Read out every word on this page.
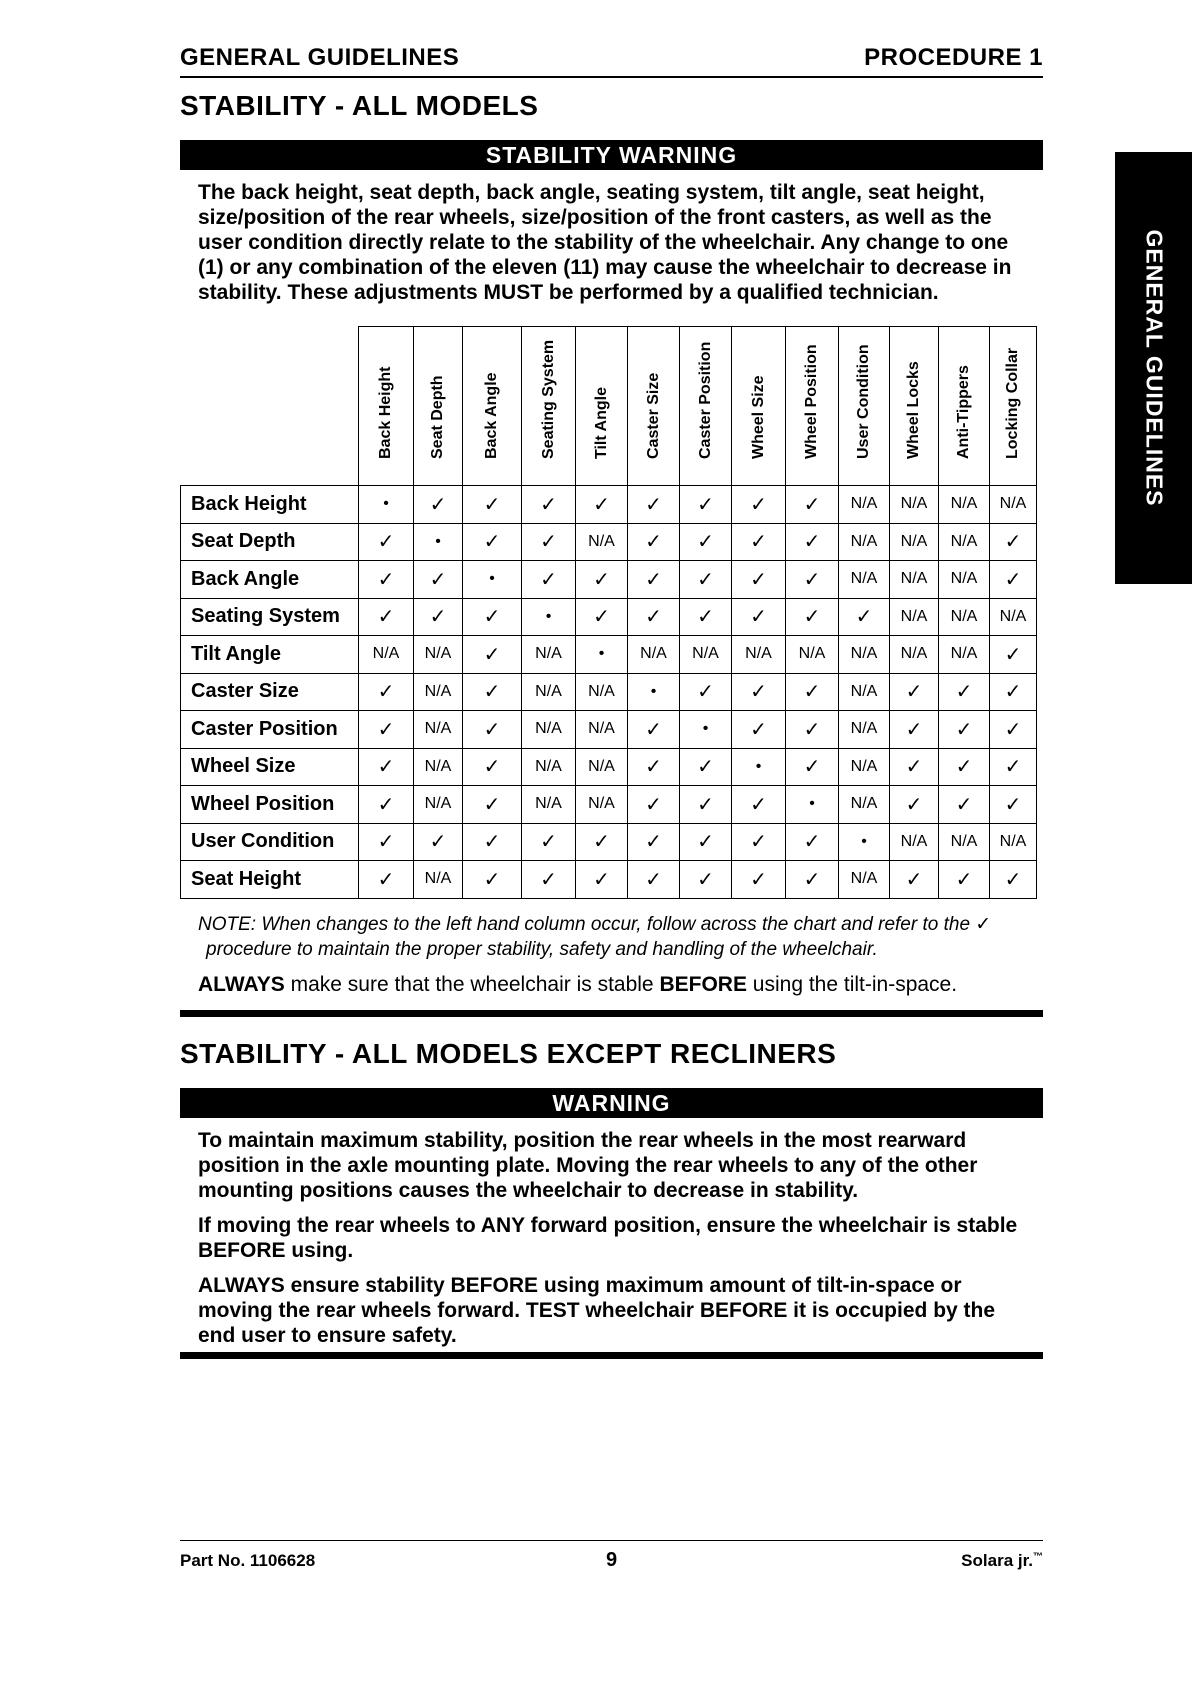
GENERAL GUIDELINES	PROCEDURE 1
GENERAL GUIDELINES
STABILITY - ALL MODELS
STABILITY WARNING

The back height, seat depth, back angle, seating system, tilt angle, seat height, size/position of the rear wheels, size/position of the front casters, as well as the user condition directly relate to the stability of the wheelchair. Any change to one (1) or any combination of the eleven (11) may cause the wheelchair to decrease in stability. These adjustments MUST be performed by a qualified technician.

	Back Height	Seat Depth	Back Angle	Seating System	Tilt Angle	Caster Size	Caster Position	Wheel Size	Wheel Position	User Condition	Wheel Locks	Anti-Tippers	Locking Collar

Back Height	•	✓	✓	✓	✓	✓	✓	✓	✓	N/A	N/A	N/A	N/A
Seat Depth	✓	•	✓	✓	N/A	✓	✓	✓	✓	N/A	N/A	N/A	✓
Back Angle	✓	✓	•	✓	✓	✓	✓	✓	✓	N/A	N/A	N/A	✓
Seating System	✓	✓	✓	•	✓	✓	✓	✓	✓	✓	N/A	N/A	N/A
Tilt Angle	N/A	N/A	✓	N/A	•	N/A	N/A	N/A	N/A	N/A	N/A	N/A	✓
Caster Size	✓	N/A	✓	N/A	N/A	•	✓	✓	✓	N/A	✓	✓	✓
Caster Position	✓	N/A	✓	N/A	N/A	✓	•	✓	✓	N/A	✓	✓	✓
Wheel Size	✓	N/A	✓	N/A	N/A	✓	✓	•	✓	N/A	✓	✓	✓
Wheel Position	✓	N/A	✓	N/A	N/A	✓	✓	✓	•	N/A	✓	✓	✓
User Condition	✓	✓	✓	✓	✓	✓	✓	✓	✓	•	N/A	N/A	N/A
Seat Height	✓	N/A	✓	✓	✓	✓	✓	✓	✓	N/A	✓	✓	✓
NOTE: When changes to the left hand column occur, follow across the chart and refer to the ✓
procedure to maintain the proper stability, safety and handling of the wheelchair.

ALWAYS make sure that the wheelchair is stable BEFORE using the tilt-in-space.

STABILITY - ALL MODELS EXCEPT RECLINERS
WARNING

To maintain maximum stability, position the rear wheels in the most rearward position in the axle mounting plate. Moving the rear wheels to any of the other mounting positions causes the wheelchair to decrease in stability.

If moving the rear wheels to ANY forward position, ensure the wheelchair is stable BEFORE using.

ALWAYS ensure stability BEFORE using maximum amount of tilt-in-space or moving the rear wheels forward. TEST wheelchair BEFORE it is occupied by the end user to ensure safety.

Part No. 1106628	9	Solara jr.™
